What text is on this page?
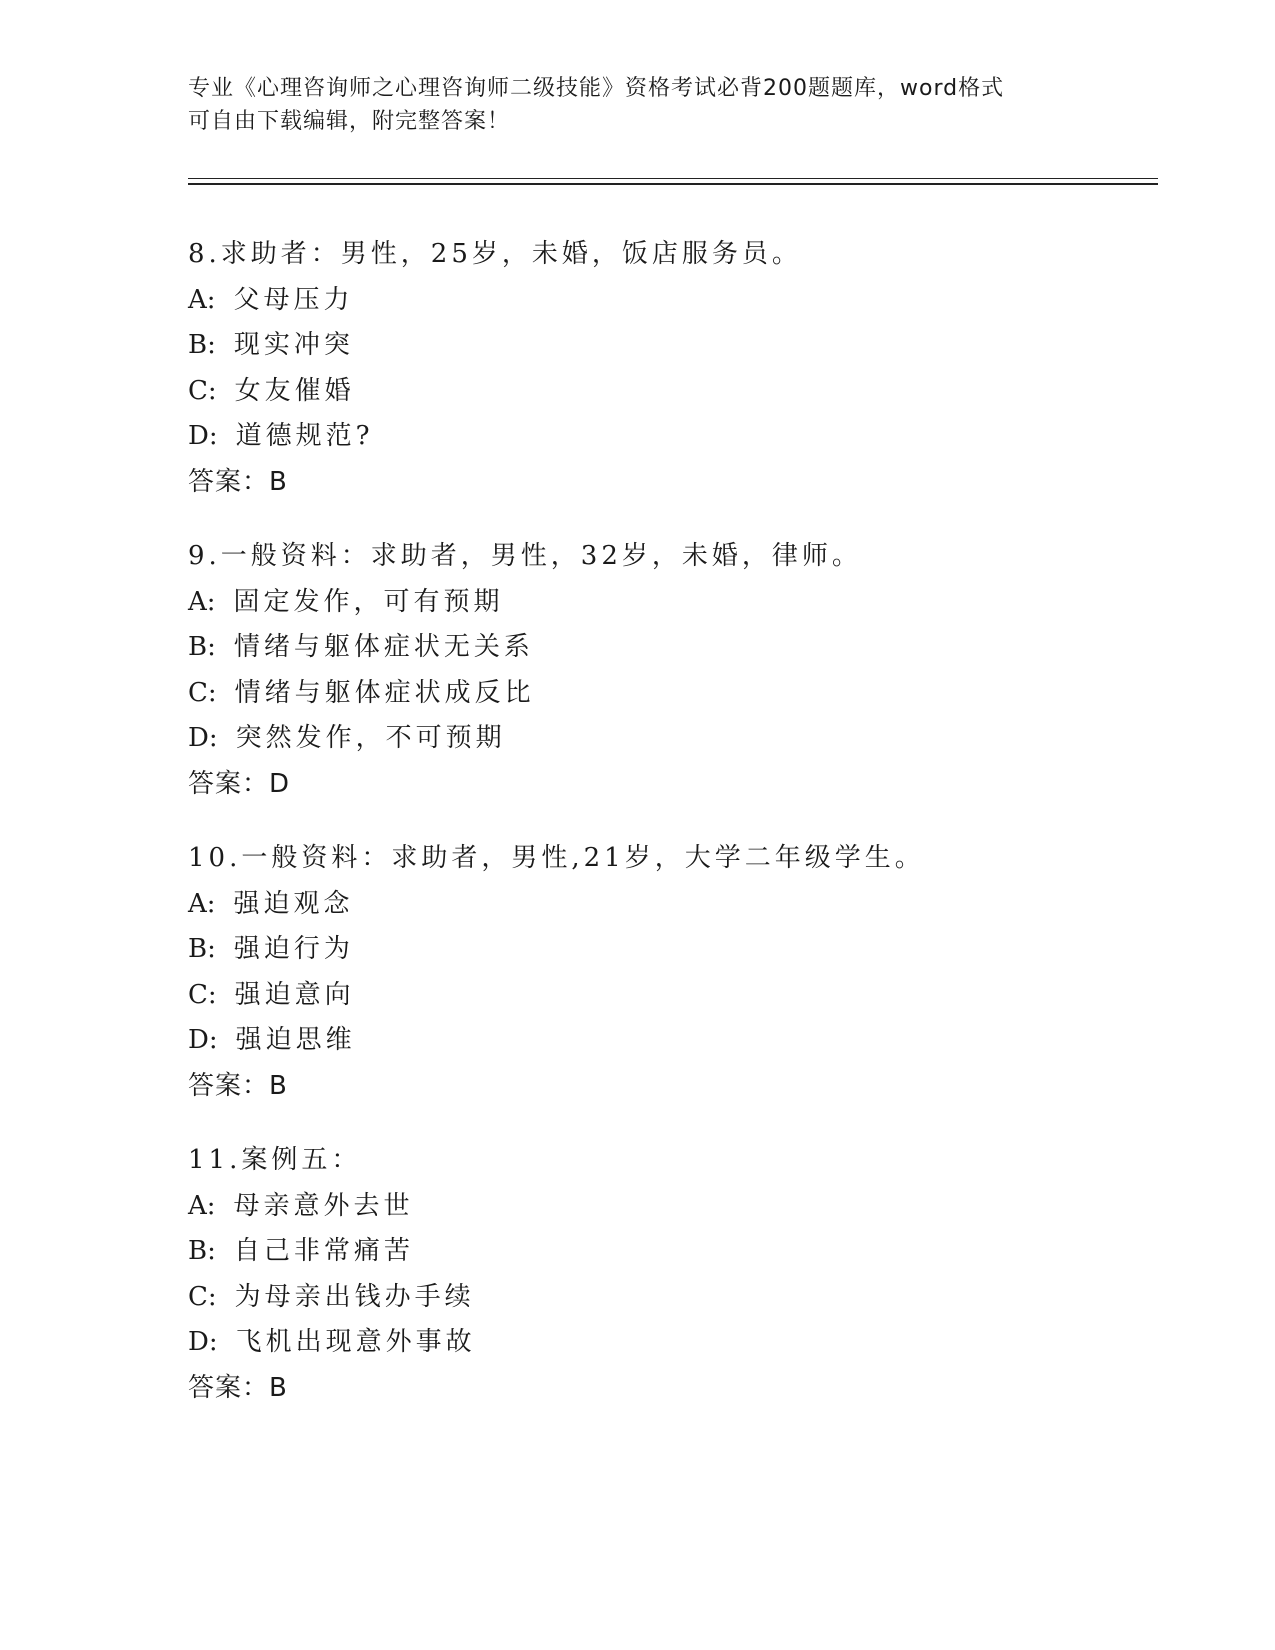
专业《心理咨询师之心理咨询师二级技能》资格考试必背200题题库，word格式
可自由下载编辑，附完整答案！
8.求助者：男性，25岁，未婚，饭店服务员。
A: 父母压力
B: 现实冲突
C: 女友催婚
D: 道德规范?
答案：B
9.一般资料：求助者，男性，32岁，未婚，律师。
A: 固定发作，可有预期
B: 情绪与躯体症状无关系
C: 情绪与躯体症状成反比
D: 突然发作，不可预期
答案：D
10.一般资料：求助者，男性,21岁，大学二年级学生。
A: 强迫观念
B: 强迫行为
C: 强迫意向
D: 强迫思维
答案：B
11.案例五：
A: 母亲意外去世
B: 自己非常痛苦
C: 为母亲出钱办手续
D: 飞机出现意外事故
答案：B
